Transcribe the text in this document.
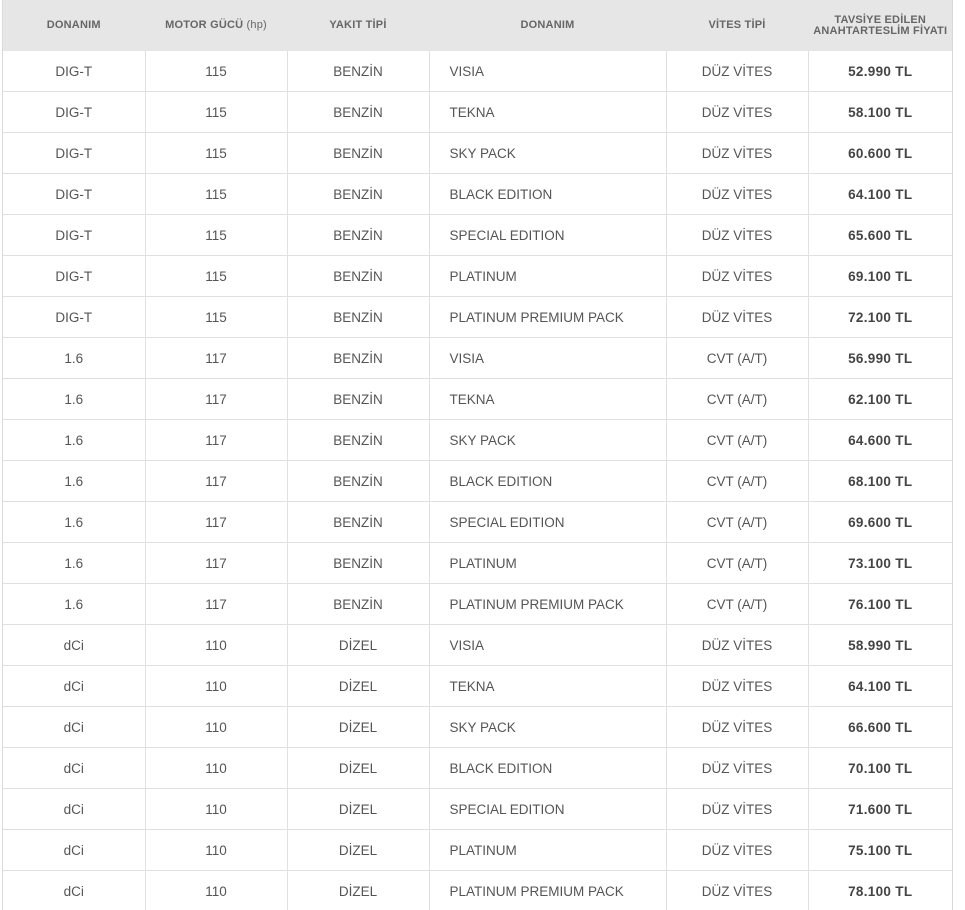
DONANIM	MOTOR GÜCÜ (hp)	YAKIT TİPİ	DONANIM	VİTES TİPİ	TAVSİYE EDİLEN
ANAHTARTESLİM FİYATI
DIG-T	115	BENZİN	VISIA	DÜZ VİTES	52.990 TL
DIG-T	115	BENZİN	TEKNA	DÜZ VİTES	58.100 TL
DIG-T	115	BENZİN	SKY PACK	DÜZ VİTES	60.600 TL
DIG-T	115	BENZİN	BLACK EDITION	DÜZ VİTES	64.100 TL
DIG-T	115	BENZİN	SPECIAL EDITION	DÜZ VİTES	65.600 TL
DIG-T	115	BENZİN	PLATINUM	DÜZ VİTES	69.100 TL
DIG-T	115	BENZİN	PLATINUM PREMIUM PACK	DÜZ VİTES	72.100 TL
1.6	117	BENZİN	VISIA	CVT (A/T)	56.990 TL
1.6	117	BENZİN	TEKNA	CVT (A/T)	62.100 TL
1.6	117	BENZİN	SKY PACK	CVT (A/T)	64.600 TL
1.6	117	BENZİN	BLACK EDITION	CVT (A/T)	68.100 TL
1.6	117	BENZİN	SPECIAL EDITION	CVT (A/T)	69.600 TL
1.6	117	BENZİN	PLATINUM	CVT (A/T)	73.100 TL
1.6	117	BENZİN	PLATINUM PREMIUM PACK	CVT (A/T)	76.100 TL
dCi	110	DİZEL	VISIA	DÜZ VİTES	58.990 TL
dCi	110	DİZEL	TEKNA	DÜZ VİTES	64.100 TL
dCi	110	DİZEL	SKY PACK	DÜZ VİTES	66.600 TL
dCi	110	DİZEL	BLACK EDITION	DÜZ VİTES	70.100 TL
dCi	110	DİZEL	SPECIAL EDITION	DÜZ VİTES	71.600 TL
dCi	110	DİZEL	PLATINUM	DÜZ VİTES	75.100 TL
dCi	110	DİZEL	PLATINUM PREMIUM PACK	DÜZ VİTES	78.100 TL
